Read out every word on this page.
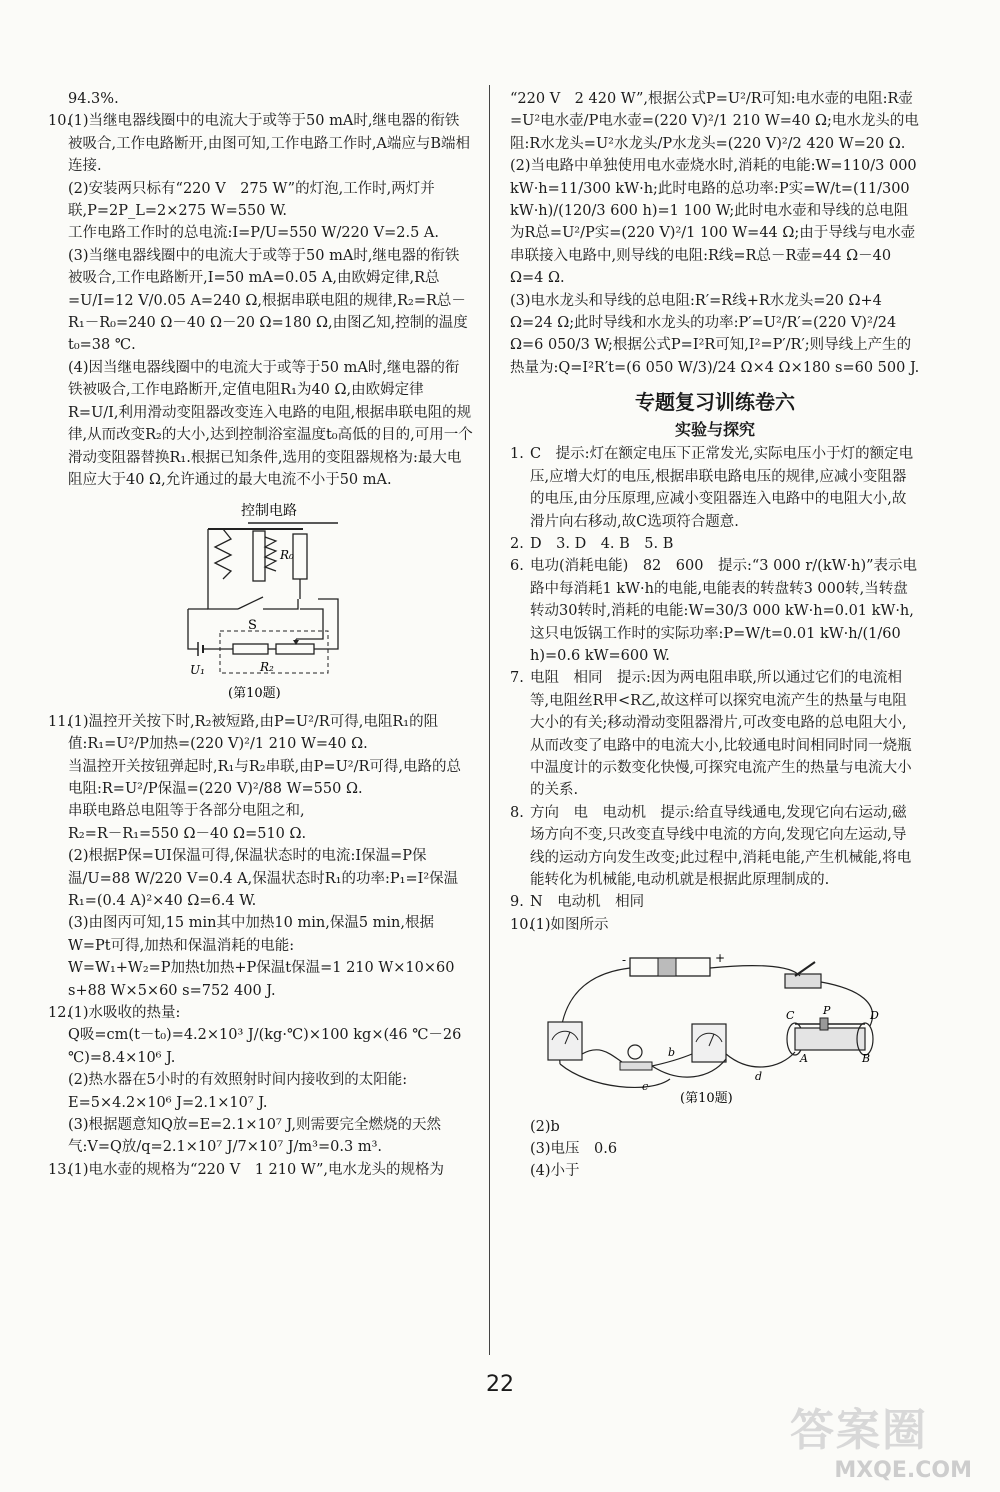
94.3%.

10.

(1)当继电器线圈中的电流大于或等于50 mA时,继电器的衔铁被吸合,工作电路断开,由图可知,工作电路工作时,A端应与B端相连接.

(2)安装两只标有“220 V　275 W”的灯泡,工作时,两灯并联,P=2P_L=2×275 W=550 W.

工作电路工作时的总电流:I=P/U=550 W/220 V=2.5 A.

(3)当继电器线圈中的电流大于或等于50 mA时,继电器的衔铁被吸合,工作电路断开,I=50 mA=0.05 A,由欧姆定律,R总=U/I=12 V/0.05 A=240 Ω,根据串联电阻的规律,R₂=R总－R₁－R₀=240 Ω－40 Ω－20 Ω=180 Ω,由图乙知,控制的温度t₀=38 ℃.

(4)因当继电器线圈中的电流大于或等于50 mA时,继电器的衔铁被吸合,工作电路断开,定值电阻R₁为40 Ω,由欧姆定律R=U/I,利用滑动变阻器改变连入电路的电阻,根据串联电阻的规律,从而改变R₂的大小,达到控制浴室温度t₀高低的目的,可用一个滑动变阻器替换R₁.根据已知条件,选用的变阻器规格为:最大电阻应大于40 Ω,允许通过的最大电流不小于50 mA.

控制电路
R₀
S
U₁	R₂
(第10题)
11.

(1)温控开关按下时,R₂被短路,由P=U²/R可得,电阻R₁的阻值:R₁=U²/P加热=(220 V)²/1 210 W=40 Ω.

当温控开关按钮弹起时,R₁与R₂串联,由P=U²/R可得,电路的总电阻:R=U²/P保温=(220 V)²/88 W=550 Ω.

串联电路总电阻等于各部分电阻之和,

R₂=R－R₁=550 Ω－40 Ω=510 Ω.

(2)根据P保=UI保温可得,保温状态时的电流:I保温=P保温/U=88 W/220 V=0.4 A,保温状态时R₁的功率:P₁=I²保温R₁=(0.4 A)²×40 Ω=6.4 W.

(3)由图丙可知,15 min其中加热10 min,保温5 min,根据W=Pt可得,加热和保温消耗的电能:

W=W₁+W₂=P加热t加热+P保温t保温=1 210 W×10×60 s+88 W×5×60 s=752 400 J.

12.

(1)水吸收的热量:

Q吸=cm(t－t₀)=4.2×10³ J/(kg·℃)×100 kg×(46 ℃－26 ℃)=8.4×10⁶ J.

(2)热水器在5小时的有效照射时间内接收到的太阳能:

E=5×4.2×10⁶ J=2.1×10⁷ J.

(3)根据题意知Q放=E=2.1×10⁷ J,则需要完全燃烧的天然气:V=Q放/q=2.1×10⁷ J/7×10⁷ J/m³=0.3 m³.

13.

(1)电水壶的规格为“220 V　1 210 W”,电水龙头的规格为

“220 V　2 420 W”,根据公式P=U²/R可知:电水壶的电阻:R壶=U²电水壶/P电水壶=(220 V)²/1 210 W=40 Ω;电水龙头的电阻:R水龙头=U²水龙头/P水龙头=(220 V)²/2 420 W=20 Ω.

(2)当电路中单独使用电水壶烧水时,消耗的电能:W=110/3 000 kW·h=11/300 kW·h;此时电路的总功率:P实=W/t=(11/300 kW·h)/(120/3 600 h)=1 100 W;此时电水壶和导线的总电阻为R总=U²/P实=(220 V)²/1 100 W=44 Ω;由于导线与电水壶串联接入电路中,则导线的电阻:R线=R总－R壶=44 Ω－40 Ω=4 Ω.

(3)电水龙头和导线的总电阻:R′=R线+R水龙头=20 Ω+4 Ω=24 Ω;此时导线和水龙头的功率:P′=U²/R′=(220 V)²/24 Ω=6 050/3 W;根据公式P=I²R可知,I²=P′/R′;则导线上产生的热量为:Q=I²R′t=(6 050 W/3)/24 Ω×4 Ω×180 s=60 500 J.

专题复习训练卷六
实验与探究
1. C　提示:灯在额定电压下正常发光,实际电压小于灯的额定电压,应增大灯的电压,根据串联电路电压的规律,应减小变阻器的电压,由分压原理,应减小变阻器连入电路中的电阻大小,故滑片向右移动,故C选项符合题意.
2. D　3. D　4. B　5. B
6. 电功(消耗电能)　82　600　提示:“3 000 r/(kW·h)”表示电路中每消耗1 kW·h的电能,电能表的转盘转3 000转,当转盘转动30转时,消耗的电能:W=30/3 000 kW·h=0.01 kW·h,这只电饭锅工作时的实际功率:P=W/t=0.01 kW·h/(1/60 h)=0.6 kW=600 W.
7. 电阻　相同　提示:因为两电阻串联,所以通过它们的电流相等,电阻丝R甲<R乙,故这样可以探究电流产生的热量与电阻大小的有关;移动滑动变阻器滑片,可改变电路的总电阻大小,从而改变了电路中的电流大小,比较通电时间相同时同一烧瓶中温度计的示数变化快慢,可探究电流产生的热量与电流大小的关系.
8. 方向　电　电动机　提示:给直导线通电,发现它向右运动,磁场方向不变,只改变直导线中电流的方向,发现它向左运动,导线的运动方向发生改变;此过程中,消耗电能,产生机械能,将电能转化为机械能,电动机就是根据此原理制成的.
9. N　电动机　相同
10.
(1)如图所示
-	+
C	P	D
A	B
b
c
d
(第10题)

(2)b

(3)电压　0.6

(4)小于

22
答案圈
MXQE.COM
